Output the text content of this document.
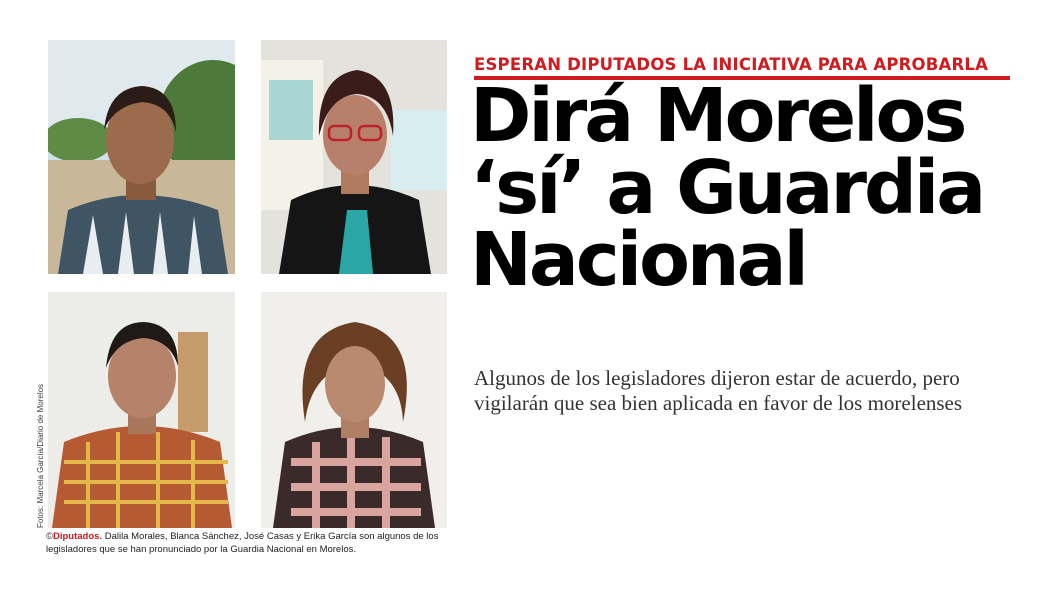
Fotos: Marcela García/Diario de Morelos
©Diputados. Dalila Morales, Blanca Sánchez, José Casas y Erika García son algunos de los legisladores que se han pronunciado por la Guardia Nacional en Morelos.
ESPERAN DIPUTADOS LA INICIATIVA PARA APROBARLA
Dirá Morelos
‘sí’ a Guardia
Nacional
Algunos de los legisladores dijeron estar de acuerdo, pero vigilarán que sea bien aplicada en favor de los morelenses
